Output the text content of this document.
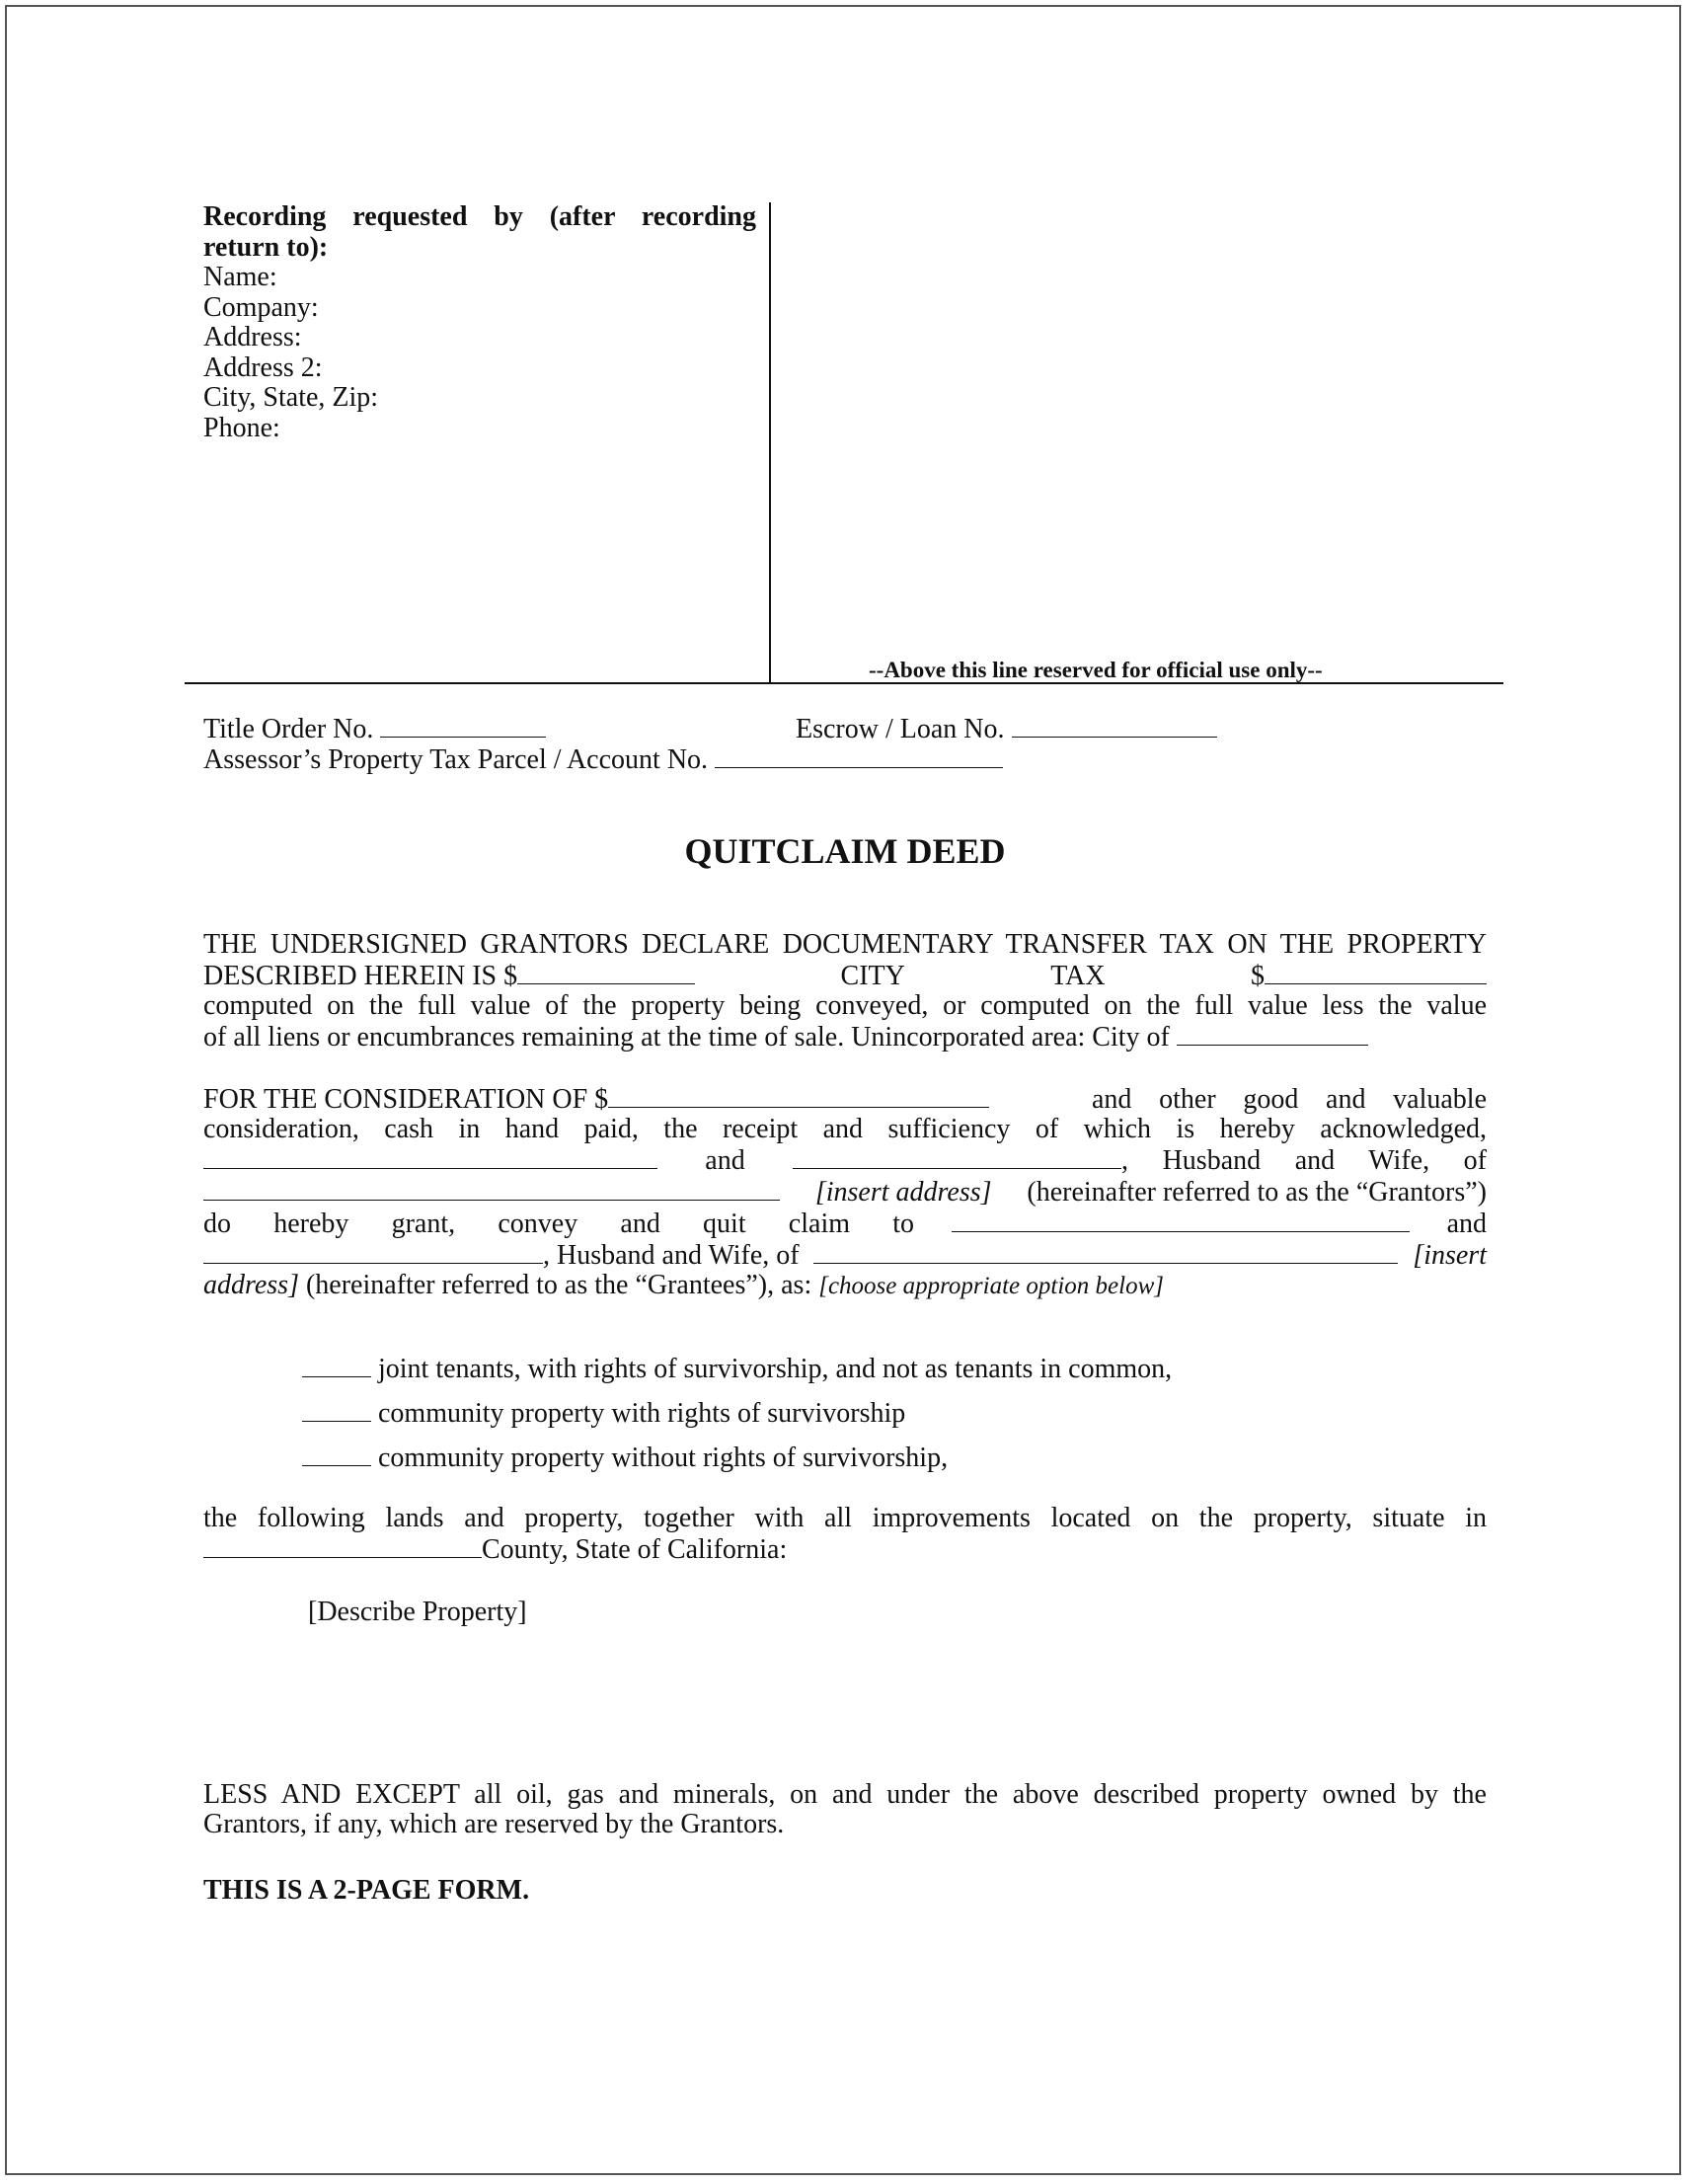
Recording requested by (after recording
return to):
Name:
Company:
Address:
Address 2:
City, State, Zip:
Phone:
--Above this line reserved for official use only--
Title Order No.	Escrow / Loan No.
Assessor’s Property Tax Parcel / Account No.
QUITCLAIM DEED
THE UNDERSIGNED GRANTORS DECLARE DOCUMENTARY TRANSFER TAX ON THE PROPERTY
DESCRIBED HEREIN IS $	CITY	TAX	$
computed on the full value of the property being conveyed, or computed on the full value less the value
of all liens or encumbrances remaining at the time of sale. Unincorporated area: City of
FOR THE CONSIDERATION OF $	and other good and valuable
consideration, cash in hand paid, the receipt and sufficiency of which is hereby acknowledged,
and	, Husband and Wife, of
[insert address] (hereinafter referred to as the “Grantors”)
do hereby grant, convey and quit claim to	and
, Husband and Wife, of	[insert
address] (hereinafter referred to as the “Grantees”), as: [choose appropriate option below]
joint tenants, with rights of survivorship, and not as tenants in common,
community property with rights of survivorship
community property without rights of survivorship,
the following lands and property, together with all improvements located on the property, situate in
County, State of California:
[Describe Property]
LESS AND EXCEPT all oil, gas and minerals, on and under the above described property owned by the
Grantors, if any, which are reserved by the Grantors.
THIS IS A 2-PAGE FORM.
